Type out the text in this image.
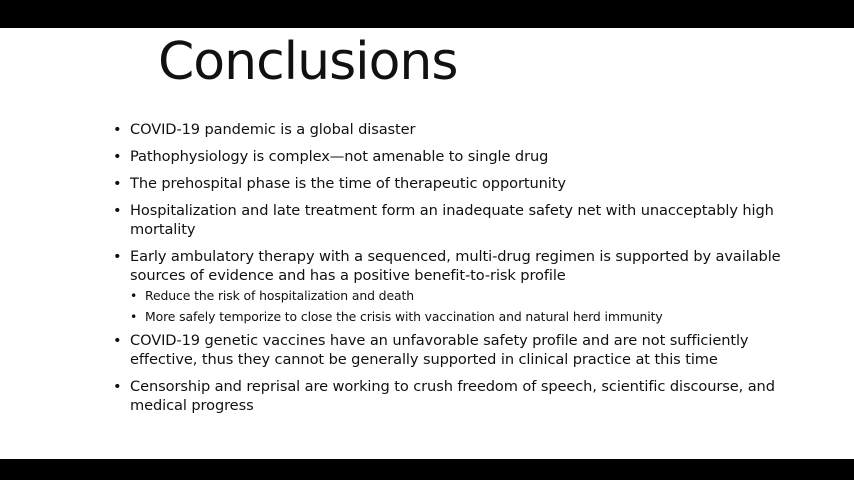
Conclusions
• COVID-19 pandemic is a global disaster
• Pathophysiology is complex—not amenable to single drug
• The prehospital phase is the time of therapeutic opportunity
• Hospitalization and late treatment form an inadequate safety net with unacceptably high mortality
• Early ambulatory therapy with a sequenced, multi-drug regimen is supported by available sources of evidence and has a positive benefit-to-risk profile
• Reduce the risk of hospitalization and death
• More safely temporize to close the crisis with vaccination and natural herd immunity
• COVID-19 genetic vaccines have an unfavorable safety profile and are not sufficiently effective, thus they cannot be generally supported in clinical practice at this time
• Censorship and reprisal are working to crush freedom of speech, scientific discourse, and medical progress
